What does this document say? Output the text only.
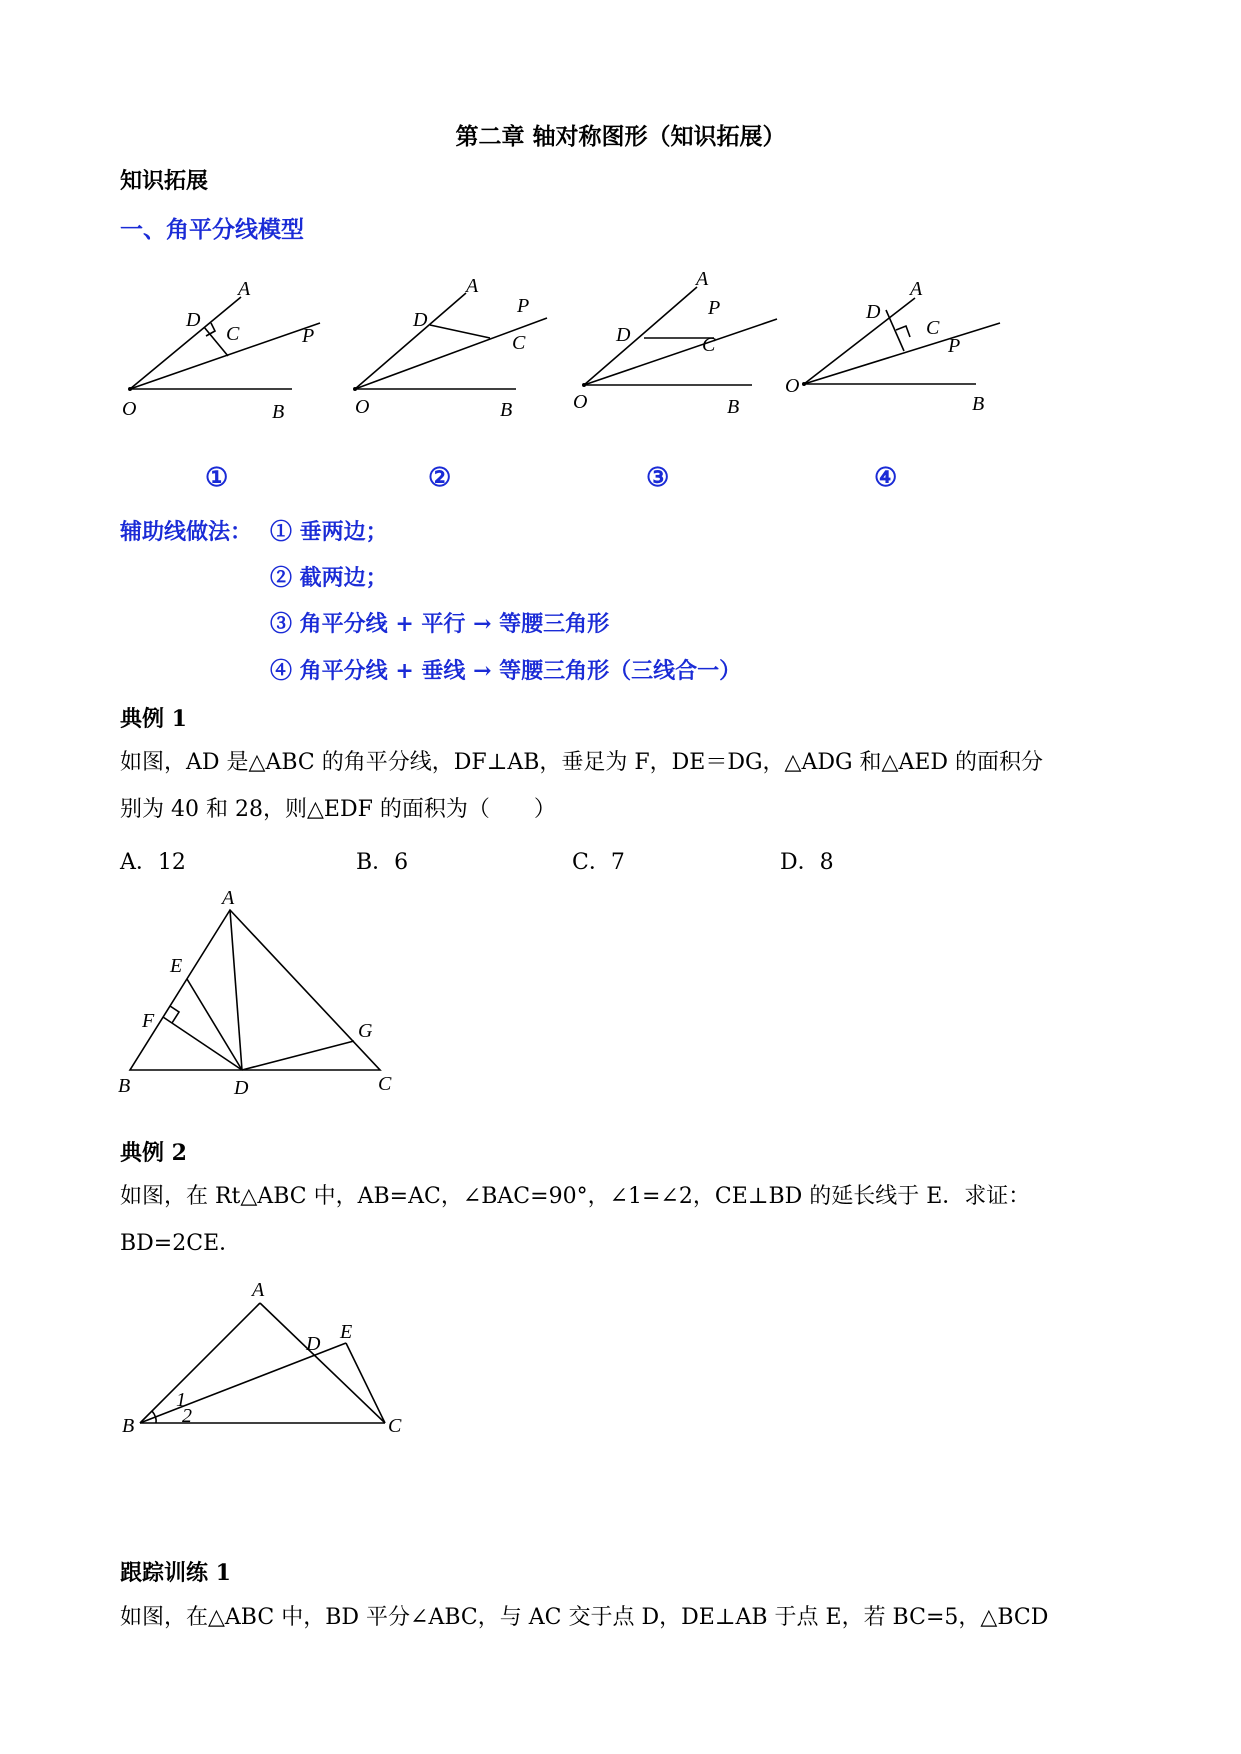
第二章 轴对称图形（知识拓展）
知识拓展
一、角平分线模型
O
A
B
D
C	P
O
A
B
D
C
P
O
A
B
D	C
P
O
A
B
D
C
P
①	②	③	④
辅助线做法： ① 垂两边；
② 截两边；
③ 角平分线 + 平行 → 等腰三角形
④ 角平分线 + 垂线 → 等腰三角形（三线合一）
典例 1
如图，AD 是△ABC 的角平分线，DF⊥AB，垂足为 F，DE＝DG，△ADG 和△AED 的面积分
别为 40 和 28，则△EDF 的面积为（　　）
A．12	B．6	C．7	D．8
A
B	C
D
E
F	G
典例 2
如图，在 Rt△ABC 中，AB=AC，∠BAC=90°，∠1=∠2，CE⊥BD 的延长线于 E．求证：
BD=2CE．
A
B	C
D
E
1
2
跟踪训练 1
如图，在△ABC 中，BD 平分∠ABC，与 AC 交于点 D，DE⊥AB 于点 E，若 BC=5，△BCD
